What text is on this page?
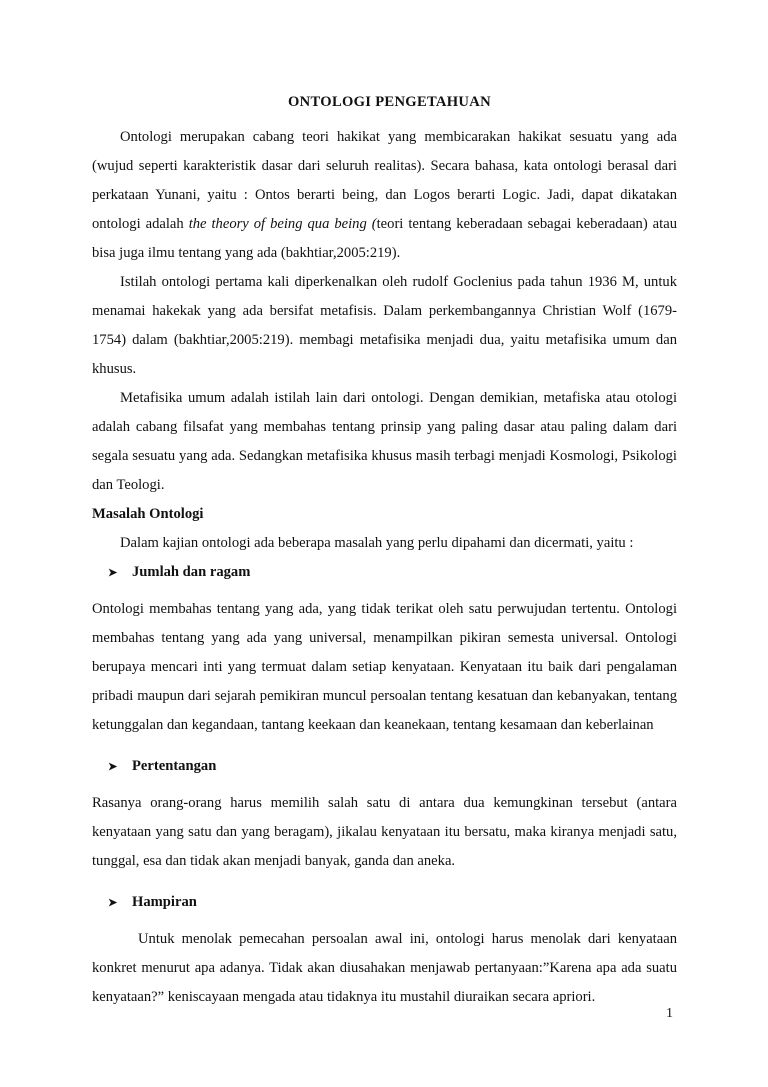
ONTOLOGI PENGETAHUAN

Ontologi merupakan cabang teori hakikat yang membicarakan hakikat sesuatu yang ada (wujud seperti karakteristik dasar dari seluruh realitas). Secara bahasa, kata ontologi berasal dari perkataan Yunani, yaitu : Ontos berarti being, dan Logos berarti Logic. Jadi, dapat dikatakan ontologi adalah the theory of being qua being (teori tentang keberadaan sebagai keberadaan) atau bisa juga ilmu tentang yang ada (bakhtiar,2005:219).

Istilah ontologi pertama kali diperkenalkan oleh rudolf Goclenius pada tahun 1936 M, untuk menamai hakekak yang ada bersifat metafisis. Dalam perkembangannya Christian Wolf (1679-1754) dalam (bakhtiar,2005:219). membagi metafisika menjadi dua, yaitu metafisika umum dan khusus.

Metafisika umum adalah istilah lain dari ontologi. Dengan demikian, metafiska atau otologi adalah cabang filsafat yang membahas tentang prinsip yang paling dasar atau paling dalam dari segala sesuatu yang ada. Sedangkan metafisika khusus masih terbagi menjadi Kosmologi, Psikologi dan Teologi.

Masalah Ontologi
Dalam kajian ontologi ada beberapa masalah yang perlu dipahami dan dicermati, yaitu :
➤ Jumlah dan ragam

Ontologi membahas tentang yang ada, yang tidak terikat oleh satu perwujudan tertentu. Ontologi membahas tentang yang ada yang universal, menampilkan pikiran semesta universal. Ontologi berupaya mencari inti yang termuat dalam setiap kenyataan. Kenyataan itu baik dari pengalaman pribadi maupun dari sejarah pemikiran muncul persoalan tentang kesatuan dan kebanyakan, tentang ketunggalan dan kegandaan, tantang keekaan dan keanekaan, tentang kesamaan dan keberlainan

➤ Pertentangan

Rasanya orang-orang harus memilih salah satu di antara dua kemungkinan tersebut (antara kenyataan yang satu dan yang beragam), jikalau kenyataan itu bersatu, maka kiranya menjadi satu, tunggal, esa dan tidak akan menjadi banyak, ganda dan aneka.

➤ Hampiran

Untuk menolak pemecahan persoalan awal ini, ontologi harus menolak dari kenyataan konkret menurut apa adanya. Tidak akan diusahakan menjawab pertanyaan:”Karena apa ada suatu kenyataan?” keniscayaan mengada atau tidaknya itu mustahil diuraikan secara apriori.

1
